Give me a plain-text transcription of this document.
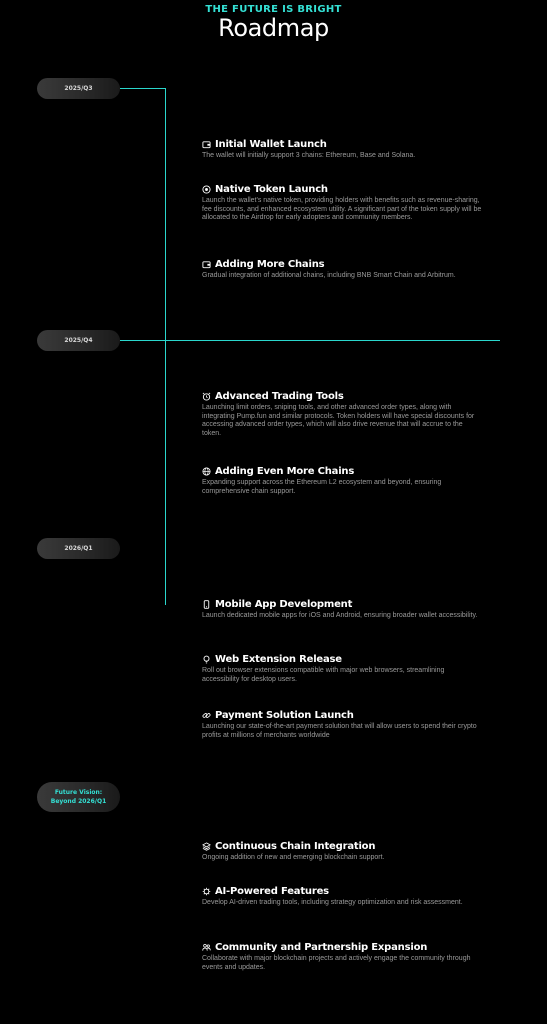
THE FUTURE IS BRIGHT
Roadmap
2025/Q3
2025/Q4
2026/Q1
Future Vision:
Beyond 2026/Q1
Initial Wallet Launch
The wallet will initially support 3 chains: Ethereum, Base and Solana.
Native Token Launch
Launch the wallet's native token, providing holders with benefits such as revenue-sharing, fee discounts, and enhanced ecosystem utility. A significant part of the token supply will be allocated to the Airdrop for early adopters and community members.
Adding More Chains
Gradual integration of additional chains, including BNB Smart Chain and Arbitrum.
Advanced Trading Tools
Launching limit orders, sniping tools, and other advanced order types, along with integrating Pump.fun and similar protocols. Token holders will have special discounts for accessing advanced order types, which will also drive revenue that will accrue to the token.
Adding Even More Chains
Expanding support across the Ethereum L2 ecosystem and beyond, ensuring comprehensive chain support.
Mobile App Development
Launch dedicated mobile apps for iOS and Android, ensuring broader wallet accessibility.
Web Extension Release
Roll out browser extensions compatible with major web browsers, streamlining accessibility for desktop users.
Payment Solution Launch
Launching our state-of-the-art payment solution that will allow users to spend their crypto profits at millions of merchants worldwide
Continuous Chain Integration
Ongoing addition of new and emerging blockchain support.
AI-Powered Features
Develop AI-driven trading tools, including strategy optimization and risk assessment.
Community and Partnership Expansion
Collaborate with major blockchain projects and actively engage the community through events and updates.
